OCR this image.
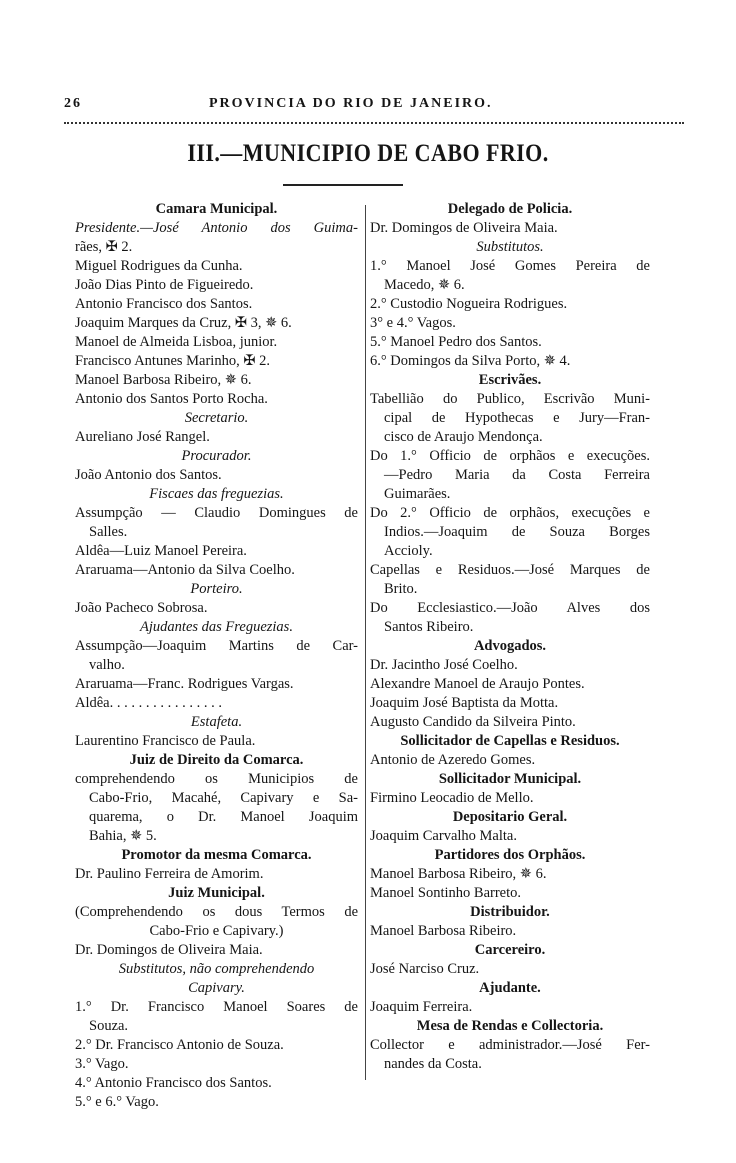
26	PROVINCIA DO RIO DE JANEIRO.
III.—MUNICIPIO DE CABO FRIO.
Camara Municipal.
Presidente.—José Antonio dos Guima-
rães, ✠ 2.
Miguel Rodrigues da Cunha.
João Dias Pinto de Figueiredo.
Antonio Francisco dos Santos.
Joaquim Marques da Cruz, ✠ 3, ✵ 6.
Manoel de Almeida Lisboa, junior.
Francisco Antunes Marinho, ✠ 2.
Manoel Barbosa Ribeiro, ✵ 6.
Antonio dos Santos Porto Rocha.
Secretario.
Aureliano José Rangel.
Procurador.
João Antonio dos Santos.
Fiscaes das freguezias.
Assumpção — Claudio Domingues de
Salles.
Aldêa—Luiz Manoel Pereira.
Araruama—Antonio da Silva Coelho.
Porteiro.
João Pacheco Sobrosa.
Ajudantes das Freguezias.
Assumpção—Joaquim Martins de Car-
valho.
Araruama—Franc. Rodrigues Vargas.
Aldêa. . . . . . . . . . . . . . . .
Estafeta.
Laurentino Francisco de Paula.
Juiz de Direito da Comarca.
comprehendendo os Municipios de
Cabo-Frio, Macahé, Capivary e Sa-
quarema, o Dr. Manoel Joaquim
Bahia, ✵ 5.
Promotor da mesma Comarca.
Dr. Paulino Ferreira de Amorim.
Juiz Municipal.
(Comprehendendo os dous Termos de
Cabo-Frio e Capivary.)
Dr. Domingos de Oliveira Maia.
Substitutos, não comprehendendo
Capivary.
1.° Dr. Francisco Manoel Soares de
Souza.
2.° Dr. Francisco Antonio de Souza.
3.° Vago.
4.° Antonio Francisco dos Santos.
5.° e 6.° Vago.
Delegado de Policia.
Dr. Domingos de Oliveira Maia.
Substitutos.
1.° Manoel José Gomes Pereira de
Macedo, ✵ 6.
2.° Custodio Nogueira Rodrigues.
3° e 4.° Vagos.
5.° Manoel Pedro dos Santos.
6.° Domingos da Silva Porto, ✵ 4.
Escrivães.
Tabellião do Publico, Escrivão Muni-
cipal de Hypothecas e Jury—Fran-
cisco de Araujo Mendonça.
Do 1.° Officio de orphãos e execuções.
—Pedro Maria da Costa Ferreira
Guimarães.
Do 2.° Officio de orphãos, execuções e
Indios.—Joaquim de Souza Borges
Accioly.
Capellas e Residuos.—José Marques de
Brito.
Do Ecclesiastico.—João Alves dos
Santos Ribeiro.
Advogados.
Dr. Jacintho José Coelho.
Alexandre Manoel de Araujo Pontes.
Joaquim José Baptista da Motta.
Augusto Candido da Silveira Pinto.
Sollicitador de Capellas e Residuos.
Antonio de Azeredo Gomes.
Sollicitador Municipal.
Firmino Leocadio de Mello.
Depositario Geral.
Joaquim Carvalho Malta.
Partidores dos Orphãos.
Manoel Barbosa Ribeiro, ✵ 6.
Manoel Sontinho Barreto.
Distribuidor.
Manoel Barbosa Ribeiro.
Carcereiro.
José Narciso Cruz.
Ajudante.
Joaquim Ferreira.
Mesa de Rendas e Collectoria.
Collector e administrador.—José Fer-
nandes da Costa.
